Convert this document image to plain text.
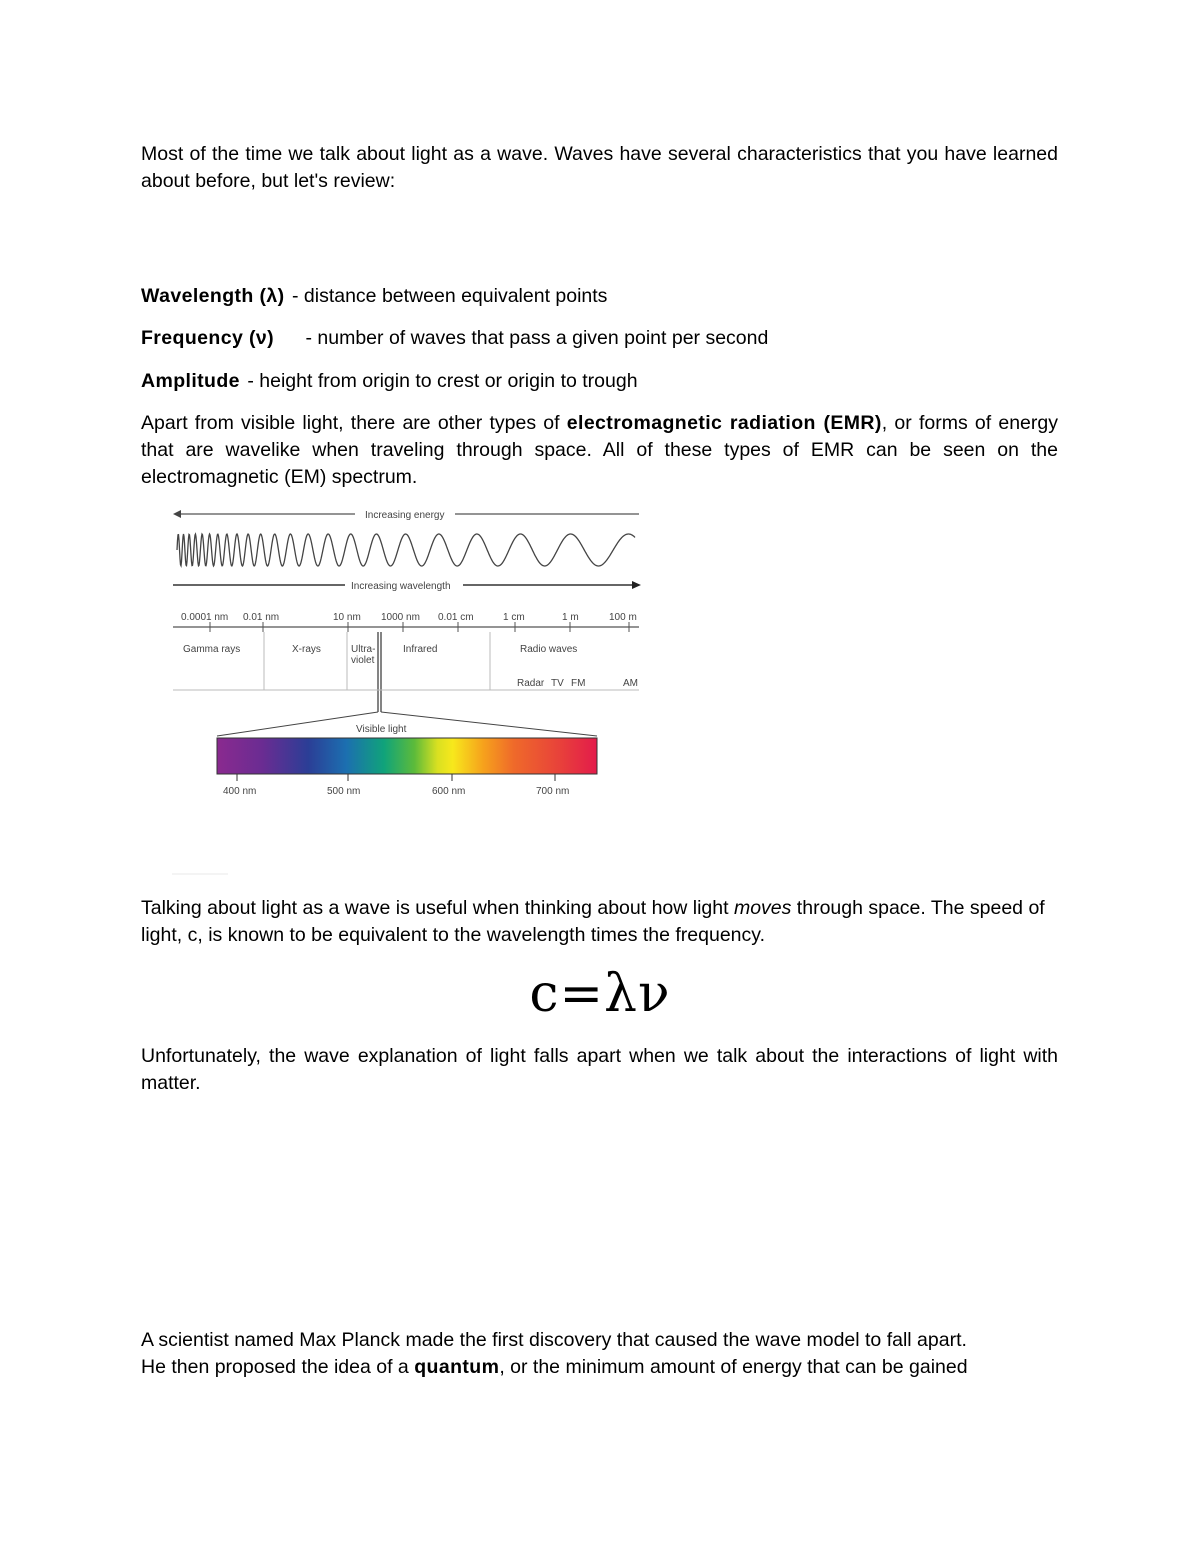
Most of the time we talk about light as a wave. Waves have several characteristics that you have learned about before, but let's review:

Wavelength (λ) - distance between equivalent points

Frequency (ν) - number of waves that pass a given point per second

Amplitude - height from origin to crest or origin to trough

Apart from visible light, there are other types of electromagnetic radiation (EMR), or forms of energy that are wavelike when traveling through space. All of these types of EMR can be seen on the electromagnetic (EM) spectrum.

Increasing energy
Increasing wavelength
0.0001 nm 0.01 nm	10 nm 1000 nm 0.01 cm	1 cm	1 m	100 m
Gamma rays	X-rays	Ultra-
violet
Infrared	Radio waves
Radar TV FM	AM
Visible light
400 nm	500 nm	600 nm	700 nm

Talking about light as a wave is useful when thinking about how light moves through space. The speed of light, c, is known to be equivalent to the wavelength times the frequency.

c=λν

Unfortunately, the wave explanation of light falls apart when we talk about the interactions of light with matter.

A scientist named Max Planck made the first discovery that caused the wave model to fall apart.
He then proposed the idea of a quantum, or the minimum amount of energy that can be gained
